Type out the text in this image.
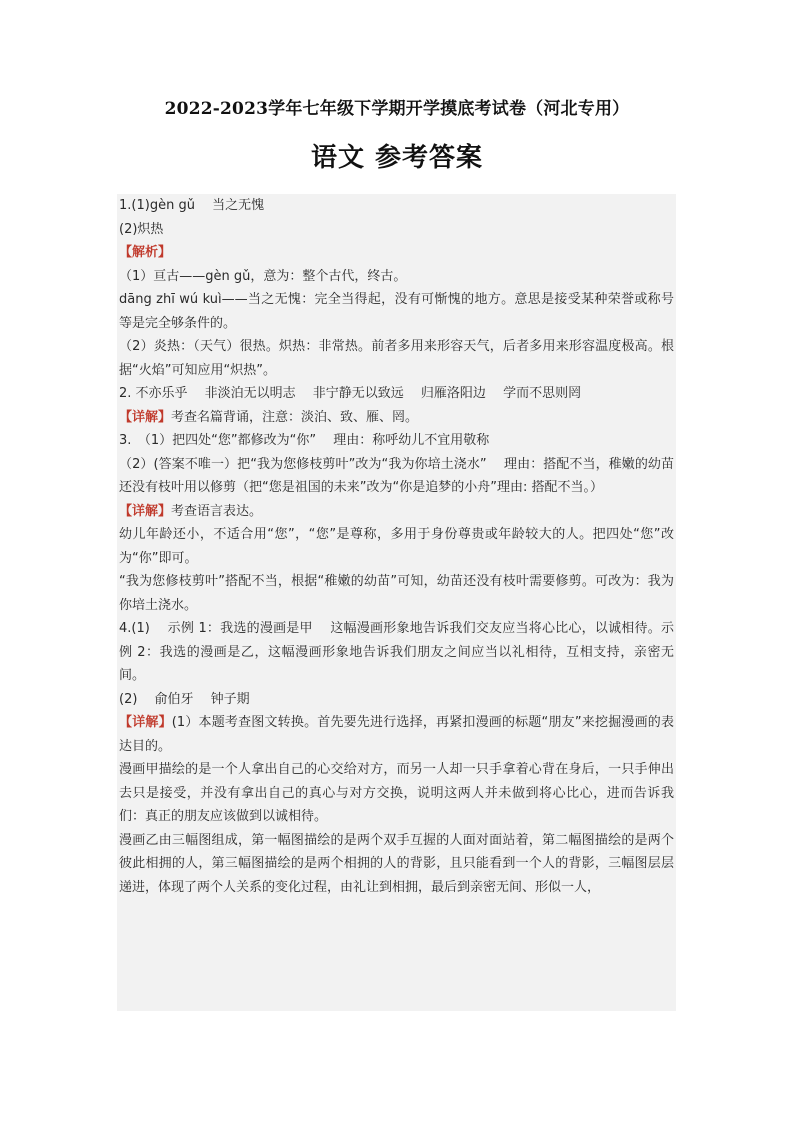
2022-2023学年七年级下学期开学摸底考试卷（河北专用）
语文 参考答案

1.(1)gèn gǔ　 当之无愧

(2)炽热

【解析】

（1）亘古——gèn gǔ，意为：整个古代，终古。

dāng zhī wú kuì——当之无愧：完全当得起，没有可惭愧的地方。意思是接受某种荣誉或称号等是完全够条件的。

（2）炎热：（天气）很热。炽热：非常热。前者多用来形容天气，后者多用来形容温度极高。根据“火焰”可知应用“炽热”。

2. 不亦乐乎　 非淡泊无以明志　 非宁静无以致远　 归雁洛阳边　 学而不思则罔

【详解】考查名篇背诵，注意：淡泊、致、雁、罔。

3.　（1）把四处“您”都修改为“你”　 理由：称呼幼儿不宜用敬称

（2）(答案不唯一）把“我为您修枝剪叶”改为“我为你培土浇水”　 理由：搭配不当，稚嫩的幼苗还没有枝叶用以修剪（把“您是祖国的未来”改为“你是追梦的小舟”理由: 搭配不当。）

【详解】考查语言表达。

幼儿年龄还小，不适合用“您”，“您”是尊称，多用于身份尊贵或年龄较大的人。把四处“您”改为“你”即可。

“我为您修枝剪叶”搭配不当，根据“稚嫩的幼苗”可知，幼苗还没有枝叶需要修剪。可改为：我为你培土浇水。

4.(1)　 示例 1：我选的漫画是甲　 这幅漫画形象地告诉我们交友应当将心比心，以诚相待。示例 2：我选的漫画是乙，这幅漫画形象地告诉我们朋友之间应当以礼相待，互相支持，亲密无间。

(2)　 俞伯牙　 钟子期

【详解】(1）本题考查图文转换。首先要先进行选择，再紧扣漫画的标题“朋友”来挖掘漫画的表达目的。

漫画甲描绘的是一个人拿出自己的心交给对方，而另一人却一只手拿着心背在身后，一只手伸出去只是接受，并没有拿出自己的真心与对方交换，说明这两人并未做到将心比心，进而告诉我们：真正的朋友应该做到以诚相待。

漫画乙由三幅图组成，第一幅图描绘的是两个双手互握的人面对面站着，第二幅图描绘的是两个彼此相拥的人，第三幅图描绘的是两个相拥的人的背影，且只能看到一个人的背影，三幅图层层递进，体现了两个人关系的变化过程，由礼让到相拥，最后到亲密无间、形似一人，
